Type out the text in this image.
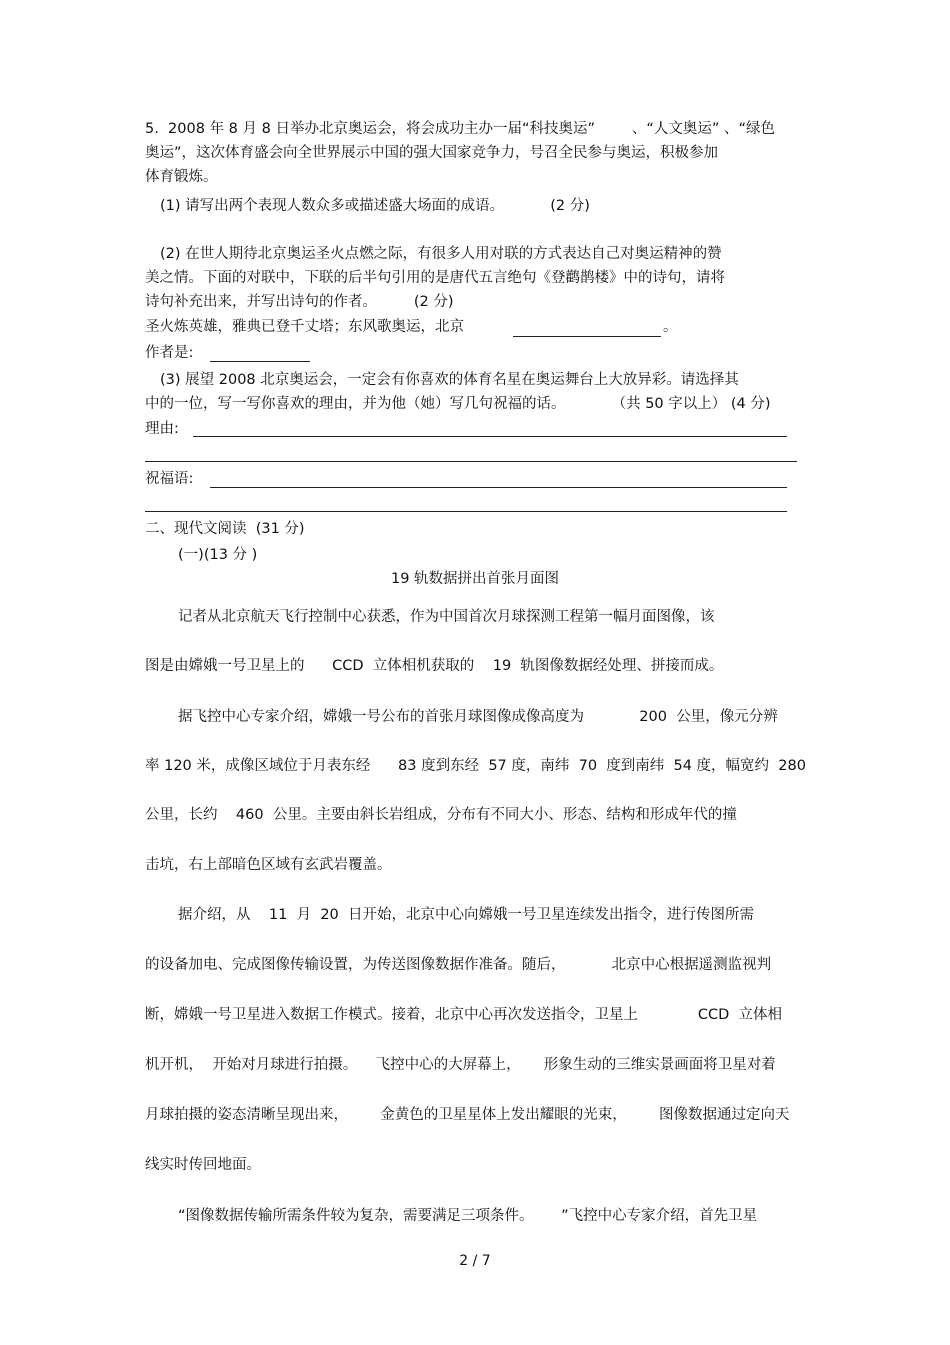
5.  2008 年 8 月 8 日举办北京奥运会，将会成功主办一届“科技奥运”        、“人文奥运” 、“绿色
奥运”，这次体育盛会向全世界展示中国的强大国家竞争力，号召全民参与奥运，积极参加
体育锻炼。
(1) 请写出两个表现人数众多或描述盛大场面的成语。          (2 分)
(2) 在世人期待北京奥运圣火点燃之际，有很多人用对联的方式表达自己对奥运精神的赞
美之情。下面的对联中，下联的后半句引用的是唐代五言绝句《登鹳鹊楼》中的诗句，请将
诗句补充出来，并写出诗句的作者。        (2 分)
圣火炼英雄，雅典已登千丈塔；东风歌奥运，北京	。
作者是:
(3) 展望 2008 北京奥运会，一定会有你喜欢的体育名星在奥运舞台上大放异彩。请选择其
中的一位，写一写你喜欢的理由，并为他（她）写几句祝福的话。          （共 50 字以上） (4 分)
理由:
祝福语:
二、现代文阅读  (31 分)
(一)(13 分 )
19 轨数据拼出首张月面图
记者从北京航天飞行控制中心获悉，作为中国首次月球探测工程第一幅月面图像，该
图是由嫦娥一号卫星上的      CCD  立体相机获取的    19  轨图像数据经处理、拼接而成。
据飞控中心专家介绍，嫦娥一号公布的首张月球图像成像高度为            200  公里，像元分辨
率 120 米，成像区域位于月表东经      83 度到东经  57 度，南纬  70  度到南纬  54 度，幅宽约  280
公里，长约    460  公里。主要由斜长岩组成，分布有不同大小、形态、结构和形成年代的撞
击坑，右上部暗色区域有玄武岩覆盖。
据介绍，从    11  月  20  日开始，北京中心向嫦娥一号卫星连续发出指令，进行传图所需
的设备加电、完成图像传输设置，为传送图像数据作准备。随后，          北京中心根据遥测监视判
断，嫦娥一号卫星进入数据工作模式。接着，北京中心再次发送指令，卫星上             CCD  立体相
机开机，  开始对月球进行拍摄。    飞控中心的大屏幕上，     形象生动的三维实景画面将卫星对着
月球拍摄的姿态清晰呈现出来，       金黄色的卫星星体上发出耀眼的光束，       图像数据通过定向天
线实时传回地面。
“图像数据传输所需条件较为复杂，需要满足三项条件。      ”飞控中心专家介绍，首先卫星
2 / 7
